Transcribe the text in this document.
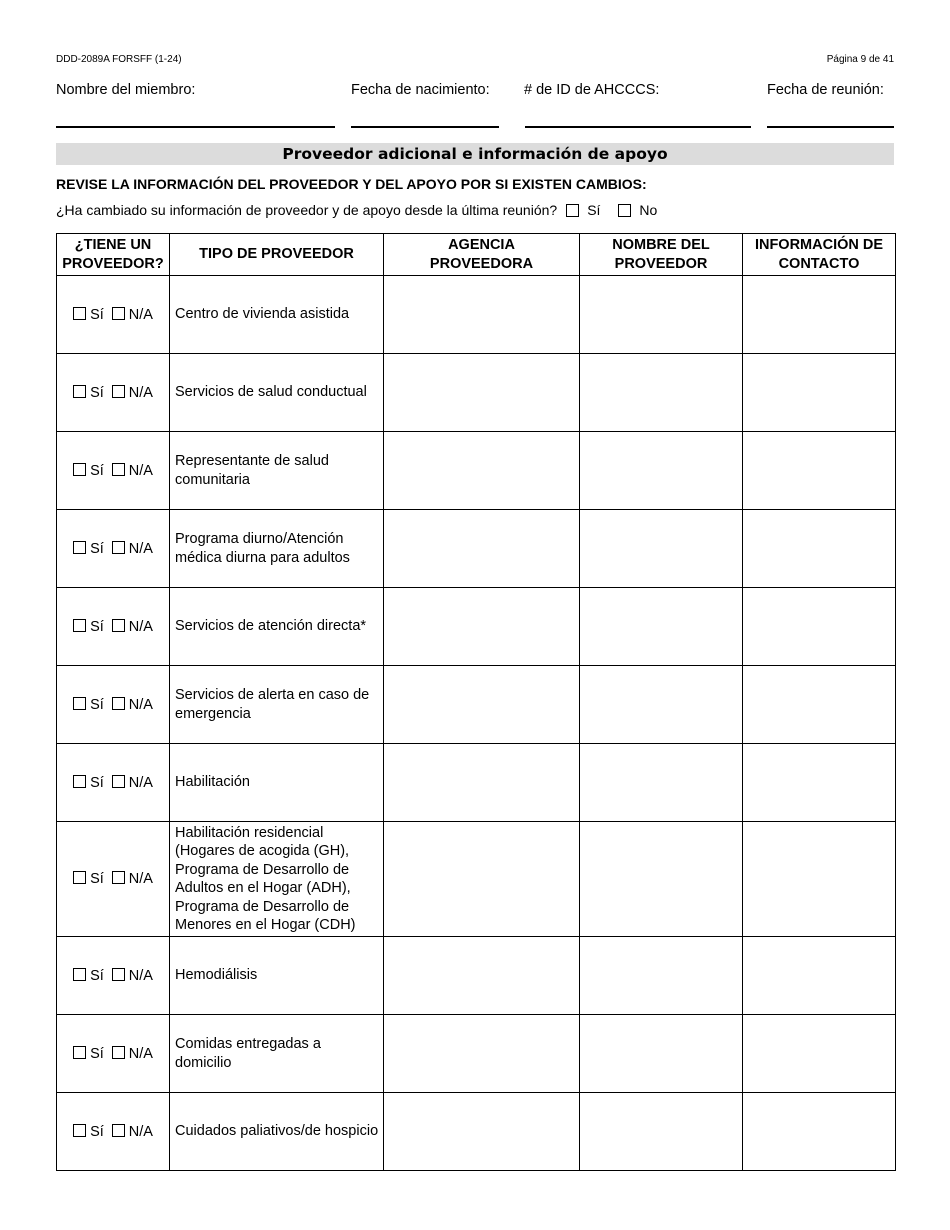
DDD-2089A FORSFF (1-24)	Página 9 de 41
Nombre del miembro:	Fecha de nacimiento: # de ID de AHCCCS:	Fecha de reunión:
Proveedor adicional e información de apoyo
REVISE LA INFORMACIÓN DEL PROVEEDOR Y DEL APOYO POR SI EXISTEN CAMBIOS:
¿Ha cambiado su información de proveedor y de apoyo desde la última reunión? Sí	No
¿TIENE UN PROVEEDOR?	TIPO DE PROVEEDOR	AGENCIA PROVEEDORA	NOMBRE DEL PROVEEDOR	INFORMACIÓN DE CONTACTO
Sí N/A	Centro de vivienda asistida			
Sí N/A	Servicios de salud conductual			
Sí N/A	Representante de salud comunitaria			
Sí N/A	Programa diurno/Atención médica diurna para adultos			
Sí N/A	Servicios de atención directa*			
Sí N/A	Servicios de alerta en caso de emergencia			
Sí N/A	Habilitación			
Sí N/A	Habilitación residencial (Hogares de acogida (GH), Programa de Desarrollo de Adultos en el Hogar (ADH), Programa de Desarrollo de Menores en el Hogar (CDH)			
Sí N/A	Hemodiálisis			
Sí N/A	Comidas entregadas a domicilio			
Sí N/A	Cuidados paliativos/de hospicio			
